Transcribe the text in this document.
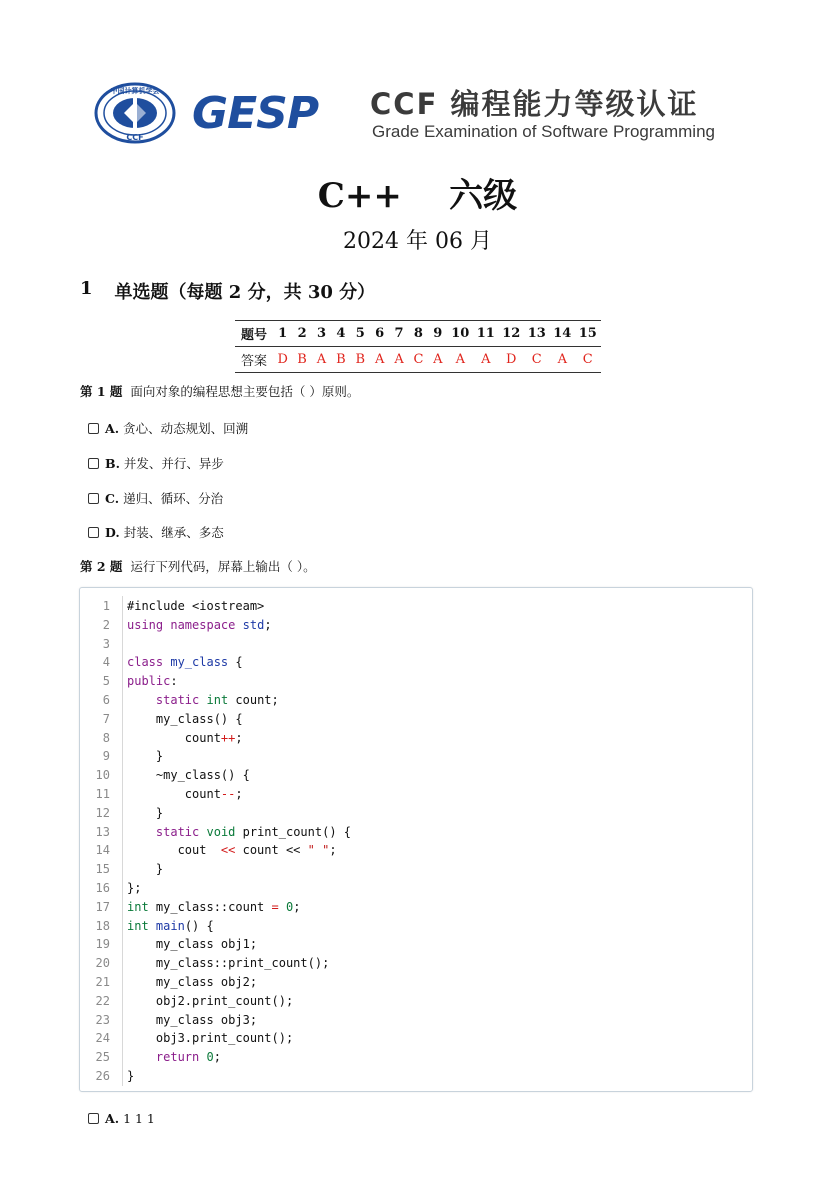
中国计算机学会
CCF GESP CCF 编程能力等级认证
Grade Examination of Software Programming
C++    六级
2024 年 06 月
1 单选题（每题 2 分，共 30 分）
题号	1	2	3	4	5	6	7	8	9	10	11	12	13	14	15
答案	D	B	A	B	B	A	A	C	A	A	A	D	C	A	C
第 1 题 面向对象的编程思想主要包括（ ）原则。
A. 贪心、动态规划、回溯
B. 并发、并行、异步
C. 递归、循环、分治
D. 封装、继承、多态
第 2 题 运行下列代码，屏幕上输出（ ）。
1 #include <iostream>
2 using namespace std;
3
4 class my_class {
5 public:
6	static int count;
7 my_class() {
8 count++;
9 }
10 ~my_class() {
11 count--;
12 }
13	static void print_count() {
14 cout  << count << " ";
15 }
16 };
17 int my_class::count = 0;
18 int main() {
19 my_class obj1;
20 my_class::print_count();
21 my_class obj2;
22 obj2.print_count();
23 my_class obj3;
24 obj3.print_count();
25	return 0;
26 }
A. 1 1 1
